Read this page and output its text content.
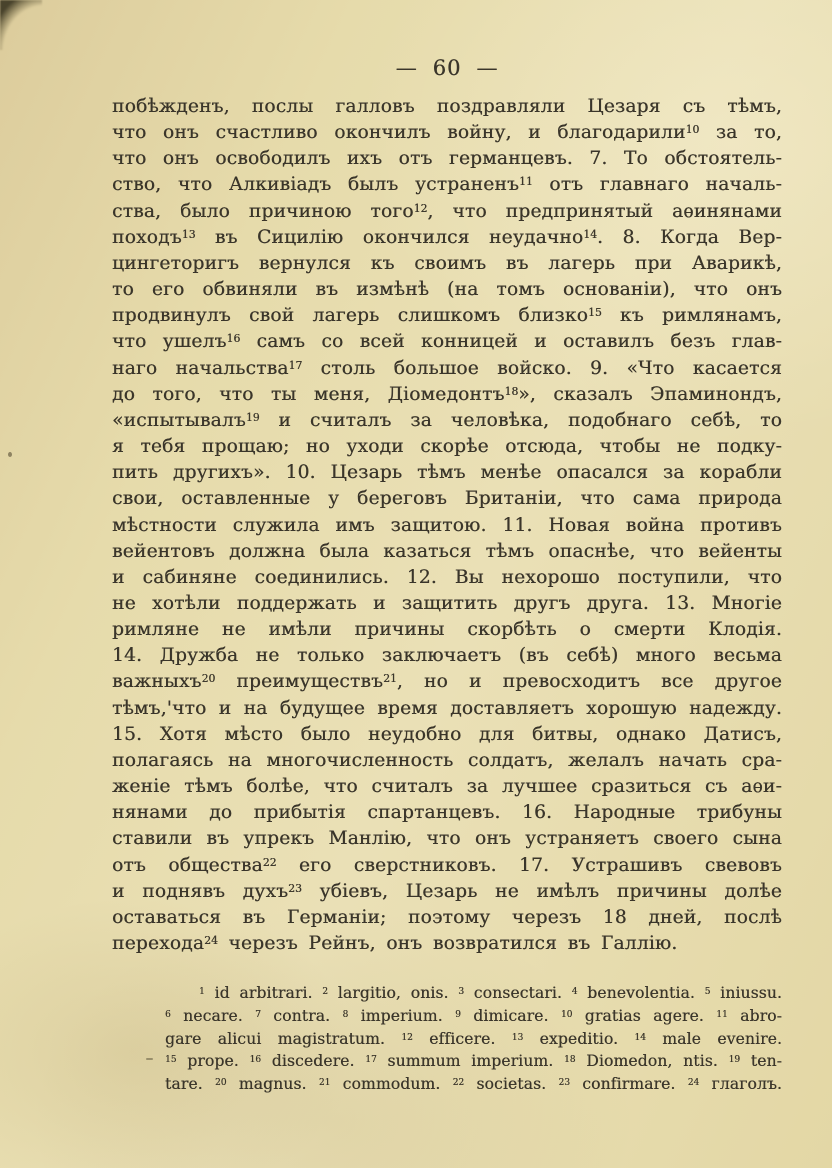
— 60 —
побѣжденъ, послы галловъ поздравляли Цезаря съ тѣмъ,
что онъ счастливо окончилъ войну, и благодарили$^{10}$ за то,
что онъ освободилъ ихъ отъ германцевъ. 7. То обстоятель-
ство, что Алкивіадъ былъ устраненъ$^{11}$ отъ главнаго началь-
ства, было причиною того$^{12}$, что предпринятый аѳинянами
походъ$^{13}$ въ Сицилію окончился неудачно$^{14}$. 8. Когда Вер-
цингеторигъ вернулся къ своимъ въ лагерь при Аварикѣ,
то его обвиняли въ измѣнѣ (на томъ основаніи), что онъ
продвинулъ свой лагерь слишкомъ близко$^{15}$ къ римлянамъ,
что ушелъ$^{16}$ самъ со всей конницей и оставилъ безъ глав-
наго начальства$^{17}$ столь большое войско. 9. «Что касается
до того, что ты меня, Діомедонтъ$^{18}$», сказалъ Эпаминондъ,
«испытывалъ$^{19}$ и считалъ за человѣка, подобнаго себѣ, то
я тебя прощаю; но уходи скорѣе отсюда, чтобы не подку-
пить другихъ». 10. Цезарь тѣмъ менѣе опасался за корабли
свои, оставленные у береговъ Британіи, что сама природа
мѣстности служила имъ защитою. 11. Новая война противъ
вейентовъ должна была казаться тѣмъ опаснѣе, что вейенты
и сабиняне соединились. 12. Вы нехорошо поступили, что
не хотѣли поддержать и защитить другъ друга. 13. Многіе
римляне не имѣли причины скорбѣть о смерти Клодія.
14. Дружба не только заключаетъ (въ себѣ) много весьма
важныхъ$^{20}$ преимуществъ$^{21}$, но и превосходитъ все другое
тѣмъ,'что и на будущее время доставляетъ хорошую надежду.
15. Хотя мѣсто было неудобно для битвы, однако Датисъ,
полагаясь на многочисленность солдатъ, желалъ начать сра-
женіе тѣмъ болѣе, что считалъ за лучшее сразиться съ аѳи-
нянами до прибытія спартанцевъ. 16. Народные трибуны
ставили въ упрекъ Манлію, что онъ устраняетъ своего сына
отъ общества$^{22}$ его сверстниковъ. 17. Устрашивъ свевовъ
и поднявъ духъ$^{23}$ убіевъ, Цезарь не имѣлъ причины долѣе
оставаться въ Германіи; поэтому черезъ 18 дней, послѣ
перехода$^{24}$ черезъ Рейнъ, онъ возвратился въ Галлію.
$^1$ id arbitrari. $^2$ largitio, onis. $^3$ consectari. $^4$ benevolentia. $^5$ iniussu.
$^6$ necare. $^7$ contra. $^8$ imperium. $^9$ dimicare. $^{10}$ gratias agere. $^{11}$ abro-
gare alicui magistratum. $^{12}$ efficere. $^{13}$ expeditio. $^{14}$ male evenire.
$^{15}$ prope. $^{16}$ discedere. $^{17}$ summum imperium. $^{18}$ Diomedon, ntis. $^{19}$ ten-
tare. $^{20}$ magnus. $^{21}$ commodum. $^{22}$ societas. $^{23}$ confirmare. $^{24}$ глаголъ.
